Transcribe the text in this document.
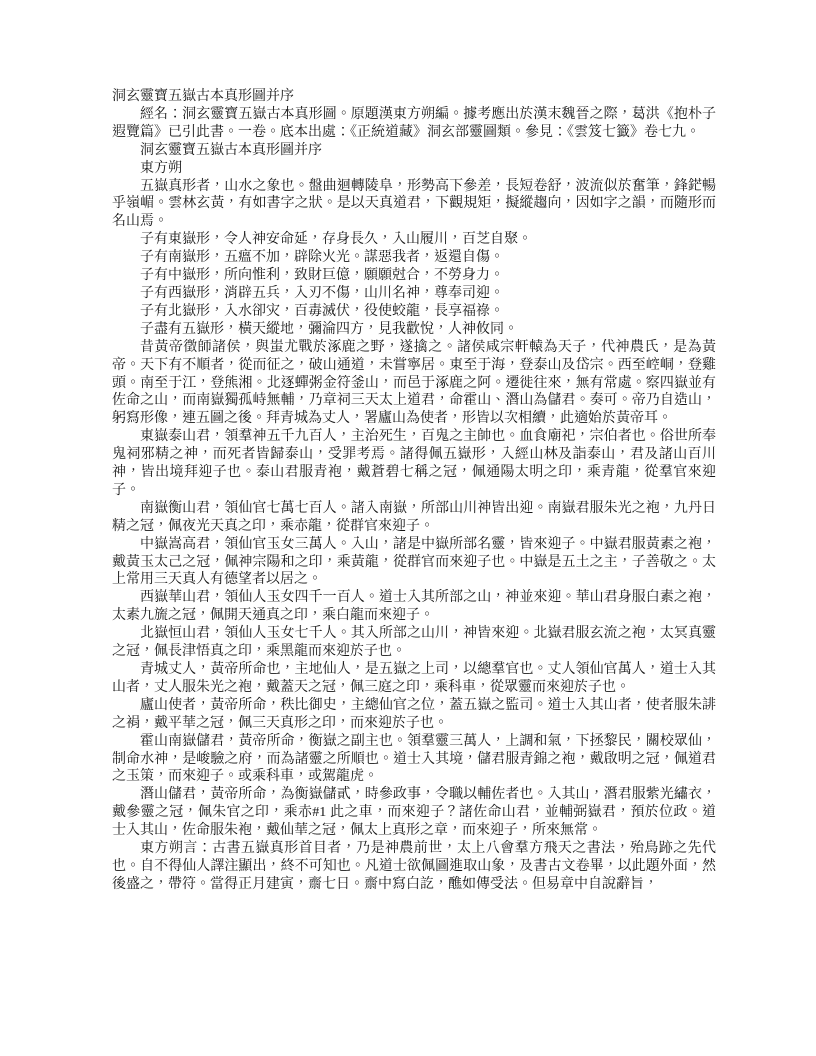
洞玄靈寶五嶽古本真形圖并序

經名：洞玄靈寶五嶽古本真形圖。原題漢東方朔編。據考應出於漢末魏晉之際，葛洪《抱朴子遐覽篇》已引此書。一卷。底本出處：《正統道藏》洞玄部靈圖類。參見：《雲笈七籤》卷七九。

洞玄靈寶五嶽古本真形圖并序

東方朔

五嶽真形者，山水之象也。盤曲迴轉陵阜，形勢高下參差，長短卷舒，波流似於奮筆，鋒鋩暢乎嶺嵋。雲林玄黃，有如書字之狀。是以天真道君，下觀規矩，擬縱趨向，因如字之韻，而隨形而名山焉。

子有東嶽形，令人神安命延，存身長久，入山履川，百芝自聚。

子有南嶽形，五瘟不加，辟除火光。謀惡我者，返還自傷。

子有中嶽形，所向惟利，致財巨億，願願尅合，不勞身力。

子有西嶽形，消辟五兵，入刃不傷，山川名神，尊奉司迎。

子有北嶽形，入水卻灾，百毒滅伏，役使蛟龍，長享福祿。

子盡有五嶽形，橫天縱地，彌淪四方，見我歡悅，人神攸同。

昔黃帝徵師諸侯，與蚩尤戰於涿鹿之野，遂擒之。諸侯咸宗軒轅為天子，代神農氏，是為黃帝。天下有不順者，從而征之，破山通道，未嘗寧居。東至于海，登泰山及岱宗。西至崆峒，登雞頭。南至于江，登熊湘。北逐蟬粥金符釜山，而邑于涿鹿之阿。遷徙往來，無有常處。察四嶽並有佐命之山，而南嶽獨孤峙無輔，乃章祠三天太上道君，命霍山、潛山為儲君。奏可。帝乃自造山，躬寫形像，連五圖之後。拜青城為丈人，署廬山為使者，形皆以次相續，此適始於黃帝耳。

東嶽泰山君，領羣神五千九百人，主治死生，百鬼之主帥也。血食廟祀，宗伯者也。俗世所奉鬼祠邪精之神，而死者皆歸泰山，受罪考焉。諸得佩五嶽形，入經山林及詣泰山，君及諸山百川神，皆出境拜迎子也。泰山君服青袍，戴蒼碧七稱之冠，佩通陽太明之印，乘青龍，從羣官來迎子。

南嶽衡山君，領仙官七萬七百人。諸入南嶽，所部山川神皆出迎。南嶽君服朱光之袍，九丹日精之冠，佩夜光天真之印，乘赤龍，從群官來迎子。

中嶽嵩高君，領仙官玉女三萬人。入山，諸是中嶽所部名靈，皆來迎子。中嶽君服黃素之袍，戴黃玉太己之冠，佩神宗陽和之印，乘黃龍，從群官而來迎子也。中嶽是五土之主，子善敬之。太上常用三天真人有德望者以居之。

西嶽華山君，領仙人玉女四千一百人。道士入其所部之山，神並來迎。華山君身服白素之袍，太素九旒之冠，佩開天通真之印，乘白龍而來迎子。

北嶽恒山君，領仙人玉女七千人。其入所部之山川，神皆來迎。北嶽君服玄流之袍，太冥真靈之冠，佩長津悟真之印，乘黑龍而來迎於子也。

青城丈人，黃帝所命也，主地仙人，是五嶽之上司，以總羣官也。丈人領仙官萬人，道士入其山者，丈人服朱光之袍，戴蓋天之冠，佩三庭之印，乘科車，從眾靈而來迎於子也。

廬山使者，黃帝所命，秩比御史，主總仙官之位，蓋五嶽之監司。道士入其山者，使者服朱誹之裐，戴平華之冠，佩三天真形之印，而來迎於子也。

霍山南嶽儲君，黃帝所命，衡嶽之副主也。領羣靈三萬人，上調和氣，下拯黎民，關校眾仙，制命水神，是峻驗之府，而為諸靈之所順也。道士入其境，儲君服青錦之袍，戴啟明之冠，佩道君之玉策，而來迎子。或乘科車，或駕龍虎。

潛山儲君，黃帝所命，為衡嶽儲貳，時參政事，令職以輔佐者也。入其山，潛君服紫光繡衣，戴參靈之冠，佩朱官之印，乘赤#1 此之車，而來迎子？諸佐命山君，並輔弼嶽君，預於位政。道士入其山，佐命服朱袍，戴仙華之冠，佩太上真形之章，而來迎子，所來無常。

東方朔言：古書五嶽真形首目者，乃是神農前世，太上八會羣方飛天之書法，殆鳥跡之先代也。自不得仙人譯注顯出，終不可知也。凡道士欲佩圖進取山象，及書古文卷畢，以此題外面，然後盛之，帶符。當得正月建寅，齋七日。齋中寫白訖，醮如傳受法。但易章中自說辭旨，
